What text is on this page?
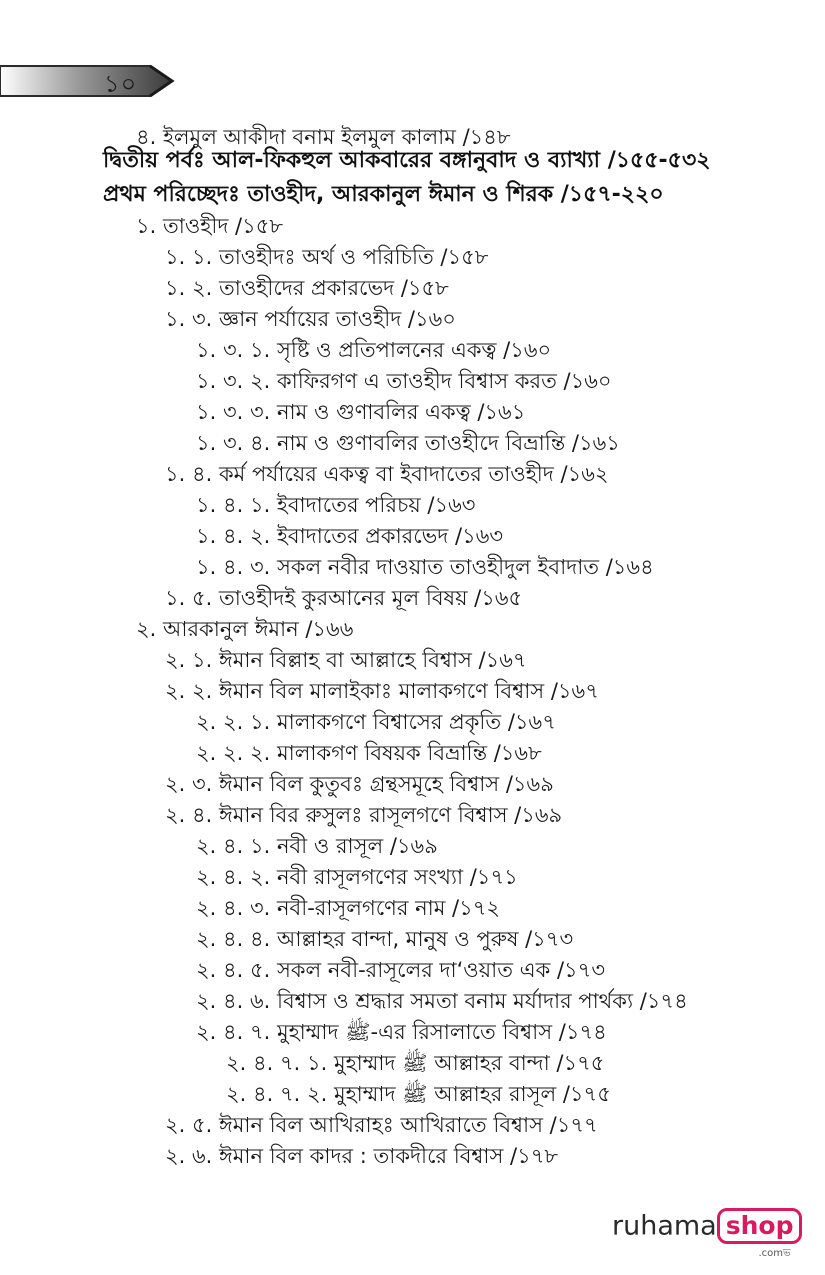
১০
৪. ইলমুল আকীদা বনাম ইলমুল কালাম /১৪৮
দ্বিতীয় পর্বঃ আল-ফিকহুল আকবারের বঙ্গানুবাদ ও ব্যাখ্যা /১৫৫-৫৩২
প্রথম পরিচ্ছেদঃ তাওহীদ, আরকানুল ঈমান ও শিরক /১৫৭-২২০
১. তাওহীদ /১৫৮
১. ১. তাওহীদঃ অর্থ ও পরিচিতি /১৫৮
১. ২. তাওহীদের প্রকারভেদ /১৫৮
১. ৩. জ্ঞান পর্যায়ের তাওহীদ /১৬০
১. ৩. ১. সৃষ্টি ও প্রতিপালনের একত্ব /১৬০
১. ৩. ২. কাফিরগণ এ তাওহীদ বিশ্বাস করত /১৬০
১. ৩. ৩. নাম ও গুণাবলির একত্ব /১৬১
১. ৩. ৪. নাম ও গুণাবলির তাওহীদে বিভ্রান্তি /১৬১
১. ৪. কর্ম পর্যায়ের একত্ব বা ইবাদাতের তাওহীদ /১৬২
১. ৪. ১. ইবাদাতের পরিচয় /১৬৩
১. ৪. ২. ইবাদাতের প্রকারভেদ /১৬৩
১. ৪. ৩. সকল নবীর দাওয়াত তাওহীদুল ইবাদাত /১৬৪
১. ৫. তাওহীদই কুরআনের মূল বিষয় /১৬৫
২. আরকানুল ঈমান /১৬৬
২. ১. ঈমান বিল্লাহ বা আল্লাহে বিশ্বাস /১৬৭
২. ২. ঈমান বিল মালাইকাঃ মালাকগণে বিশ্বাস /১৬৭
২. ২. ১. মালাকগণে বিশ্বাসের প্রকৃতি /১৬৭
২. ২. ২. মালাকগণ বিষয়ক বিভ্রান্তি /১৬৮
২. ৩. ঈমান বিল কুতুবঃ গ্রন্থসমূহে বিশ্বাস /১৬৯
২. ৪. ঈমান বির রুসুলঃ রাসূলগণে বিশ্বাস /১৬৯
২. ৪. ১. নবী ও রাসূল /১৬৯
২. ৪. ২. নবী রাসূলগণের সংখ্যা /১৭১
২. ৪. ৩. নবী-রাসূলগণের নাম /১৭২
২. ৪. ৪. আল্লাহর বান্দা, মানুষ ও পুরুষ /১৭৩
২. ৪. ৫. সকল নবী-রাসূলের দা‘ওয়াত এক /১৭৩
২. ৪. ৬. বিশ্বাস ও শ্রদ্ধার সমতা বনাম মর্যাদার পার্থক্য /১৭৪
২. ৪. ৭. মুহাম্মাদ ﷺ-এর রিসালাতে বিশ্বাস /১৭৪
২. ৪. ৭. ১. মুহাম্মাদ ﷺ আল্লাহর বান্দা /১৭৫
২. ৪. ৭. ২. মুহাম্মাদ ﷺ আল্লাহর রাসূল /১৭৫
২. ৫. ঈমান বিল আখিরাহঃ আখিরাতে বিশ্বাস /১৭৭
২. ৬. ঈমান বিল কাদর : তাকদীরে বিশ্বাস /১৭৮
ruhama shop
.comভ
